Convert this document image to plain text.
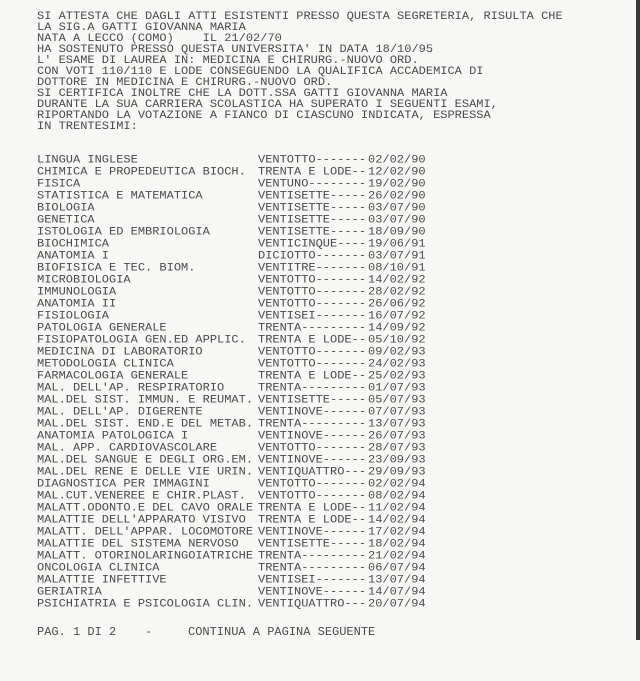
SI ATTESTA CHE DAGLI ATTI ESISTENTI PRESSO QUESTA SEGRETERIA, RISULTA CHE
LA SIG.A GATTI GIOVANNA MARIA
NATA A LECCO (COMO)    IL 21/02/70
HA SOSTENUTO PRESSO QUESTA UNIVERSITA' IN DATA 18/10/95
L' ESAME DI LAUREA IN: MEDICINA E CHIRURG.-NUOVO ORD.
CON VOTI 110/110 E LODE CONSEGUENDO LA QUALIFICA ACCADEMICA DI
DOTTORE IN MEDICINA E CHIRURG.-NUOVO ORD.
SI CERTIFICA INOLTRE CHE LA DOTT.SSA GATTI GIOVANNA MARIA
DURANTE LA SUA CARRIERA SCOLASTICA HA SUPERATO I SEGUENTI ESAMI,
RIPORTANDO LA VOTAZIONE A FIANCO DI CIASCUNO INDICATA, ESPRESSA
IN TRENTESIMI:
LINGUA INGLESE	VENTOTTO------- 02/02/90
CHIMICA E PROPEDEUTICA BIOCH. TRENTA E LODE-- 12/02/90
FISICA	VENTUNO-------- 19/02/90
STATISTICA E MATEMATICA	VENTISETTE----- 26/02/90
BIOLOGIA	VENTISETTE----- 03/07/90
GENETICA	VENTISETTE----- 03/07/90
ISTOLOGIA ED EMBRIOLOGIA	VENTISETTE----- 18/09/90
BIOCHIMICA	VENTICINQUE---- 19/06/91
ANATOMIA I	DICIOTTO------- 03/07/91
BIOFISICA E TEC. BIOM.	VENTITRE------- 08/10/91
MICROBIOLOGIA	VENTOTTO------- 14/02/92
IMMUNOLOGIA	VENTOTTO------- 28/02/92
ANATOMIA II	VENTOTTO------- 26/06/92
FISIOLOGIA	VENTISEI------- 16/07/92
PATOLOGIA GENERALE	TRENTA--------- 14/09/92
FISIOPATOLOGIA GEN.ED APPLIC. TRENTA E LODE-- 05/10/92
MEDICINA DI LABORATORIO	VENTOTTO------- 09/02/93
METODOLOGIA CLINICA	VENTOTTO------- 24/02/93
FARMACOLOGIA GENERALE	TRENTA E LODE-- 25/02/93
MAL. DELL'AP. RESPIRATORIO	TRENTA--------- 01/07/93
MAL.DEL SIST. IMMUN. E REUMAT. VENTISETTE----- 05/07/93
MAL. DELL'AP. DIGERENTE	VENTINOVE------ 07/07/93
MAL.DEL SIST. END.E DEL METAB. TRENTA--------- 13/07/93
ANATOMIA PATOLOGICA I	VENTINOVE------ 26/07/93
MAL. APP. CARDIOVASCOLARE	VENTOTTO------- 28/07/93
MAL.DEL SANGUE E DEGLI ORG.EM. VENTINOVE------ 23/09/93
MAL.DEL RENE E DELLE VIE URIN. VENTIQUATTRO--- 29/09/93
DIAGNOSTICA PER IMMAGINI	VENTOTTO------- 02/02/94
MAL.CUT.VENEREE E CHIR.PLAST. VENTOTTO------- 08/02/94
MALATT.ODONTO.E DEL CAVO ORALE TRENTA E LODE-- 11/02/94
MALATTIE DELL'APPARATO VISIVO TRENTA E LODE-- 14/02/94
MALATT. DELL'APPAR. LOCOMOTORE VENTINOVE------ 17/02/94
MALATTIE DEL SISTEMA NERVOSO VENTISETTE----- 18/02/94
MALATT. OTORINOLARINGOIATRICHE TRENTA--------- 21/02/94
ONCOLOGIA CLINICA	TRENTA--------- 06/07/94
MALATTIE INFETTIVE	VENTISEI------- 13/07/94
GERIATRIA	VENTINOVE------ 14/07/94
PSICHIATRIA E PSICOLOGIA CLIN. VENTIQUATTRO--- 20/07/94

PAG. 1 DI 2

-

	CONTINUA A PAGINA SEGUENTE
